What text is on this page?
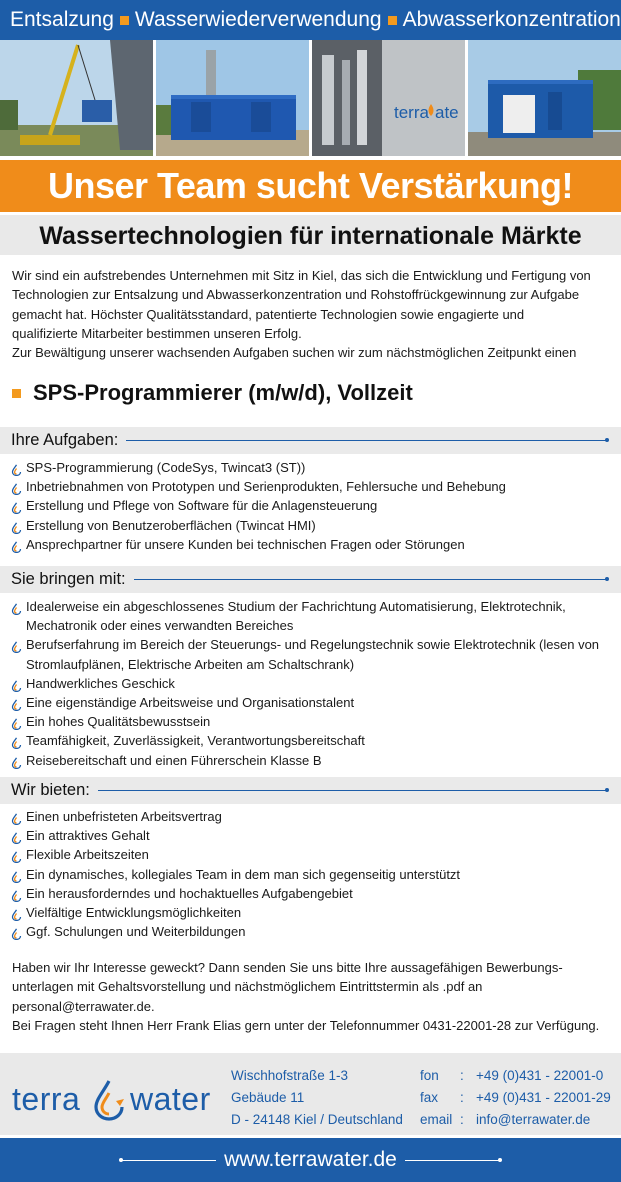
Entsalzung Wasserwiederverwendung Abwasserkonzentration
terra ate
Unser Team sucht Verstärkung!
Wassertechnologien für internationale Märkte
Wir sind ein aufstrebendes Unternehmen mit Sitz in Kiel, das sich die Entwicklung und Fertigung von
Technologien zur Entsalzung und Abwasserkonzentration und Rohstoffrückgewinnung zur Aufgabe
gemacht hat. Höchster Qualitätsstandard, patentierte Technologien sowie engagierte und
qualifizierte Mitarbeiter bestimmen unseren Erfolg.
Zur Bewältigung unserer wachsenden Aufgaben suchen wir zum nächstmöglichen Zeitpunkt einen
SPS-Programmierer (m/w/d), Vollzeit
Ihre Aufgaben:
SPS-Programmierung (CodeSys, Twincat3 (ST))
Inbetriebnahmen von Prototypen und Serienprodukten, Fehlersuche und Behebung
Erstellung und Pflege von Software für die Anlagensteuerung
Erstellung von Benutzeroberflächen (Twincat HMI)
Ansprechpartner für unsere Kunden bei technischen Fragen oder Störungen
Sie bringen mit:
Idealerweise ein abgeschlossenes Studium der Fachrichtung Automatisierung, Elektrotechnik, Mechatronik oder eines verwandten Bereiches
Berufserfahrung im Bereich der Steuerungs- und Regelungstechnik sowie Elektrotechnik (lesen von Stromlaufplänen, Elektrische Arbeiten am Schaltschrank)
Handwerkliches Geschick
Eine eigenständige Arbeitsweise und Organisationstalent
Ein hohes Qualitätsbewusstsein
Teamfähigkeit, Zuverlässigkeit, Verantwortungsbereitschaft
Reisebereitschaft und einen Führerschein Klasse B
Wir bieten:
Einen unbefristeten Arbeitsvertrag
Ein attraktives Gehalt
Flexible Arbeitszeiten
Ein dynamisches, kollegiales Team in dem man sich gegenseitig unterstützt
Ein herausforderndes und hochaktuelles Aufgabengebiet
Vielfältige Entwicklungsmöglichkeiten
Ggf. Schulungen und Weiterbildungen
Haben wir Ihr Interesse geweckt? Dann senden Sie uns bitte Ihre aussagefähigen Bewerbungs-
unterlagen mit Gehaltsvorstellung und nächstmöglichem Eintrittstermin als .pdf an
personal@terrawater.de.
Bei Fragen steht Ihnen Herr Frank Elias gern unter der Telefonnummer 0431-22001-28 zur Verfügung.
terra water
Wischhofstraße 1-3
Gebäude 11
D - 24148 Kiel / Deutschland
fon	: +49 (0)431 - 22001-0
fax	: +49 (0)431 - 22001-29
email : info@terrawater.de
www.terrawater.de
